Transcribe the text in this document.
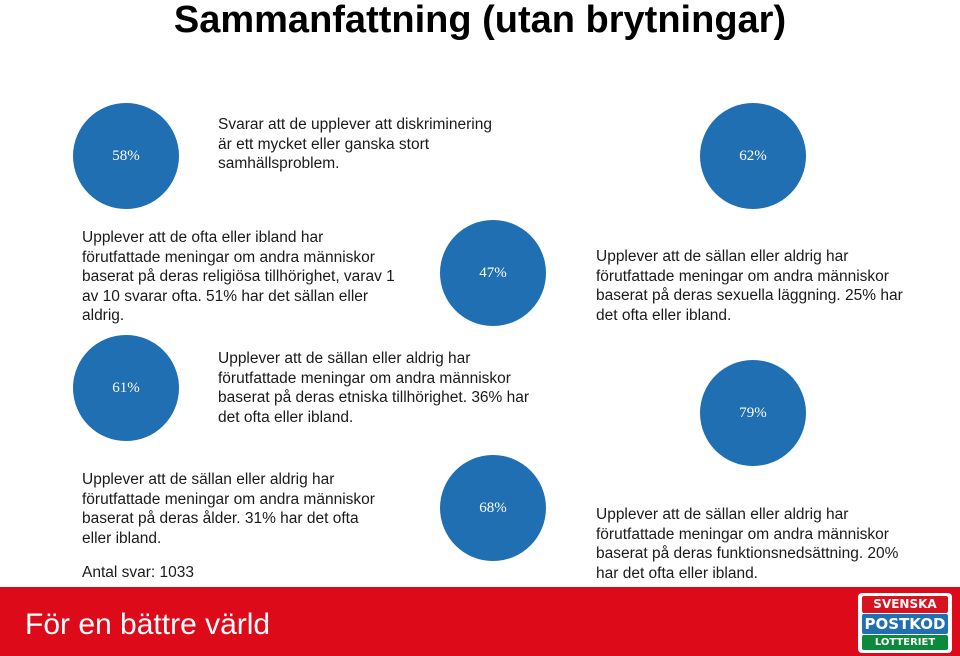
Sammanfattning (utan brytningar)
58%
Svarar att de upplever att diskriminering är ett mycket eller ganska stort samhällsproblem.	62%
Upplever att de ofta eller ibland har förutfattade meningar om andra människor baserat på deras religiösa tillhörighet, varav 1 av 10 svarar ofta. 51% har det sällan eller aldrig.
47%
Upplever att de sällan eller aldrig har förutfattade meningar om andra människor baserat på deras sexuella läggning. 25% har det ofta eller ibland.
61%
Upplever att de sällan eller aldrig har förutfattade meningar om andra människor baserat på deras etniska tillhörighet. 36% har det ofta eller ibland.	79%
Upplever att de sällan eller aldrig har förutfattade meningar om andra människor baserat på deras ålder. 31% har det ofta eller ibland.
68%	Upplever att de sällan eller aldrig har förutfattade meningar om andra människor baserat på deras funktionsnedsättning. 20% har det ofta eller ibland.
Antal svar: 1033
För en bättre värld
SVENSKA
POSTKOD
LOTTERIET
